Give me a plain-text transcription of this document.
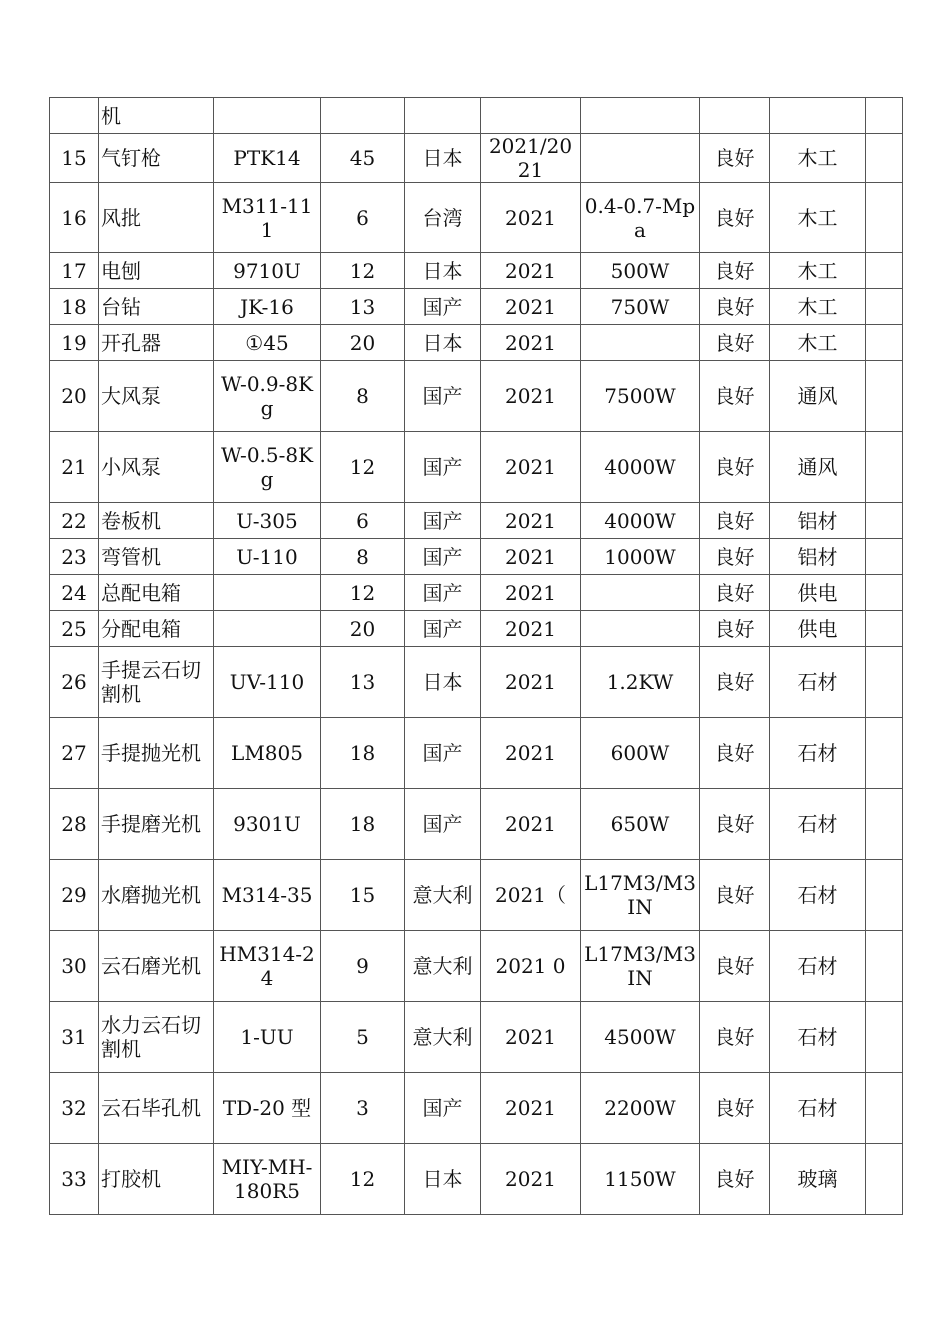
	机								
15	气钉枪	PTK14	45	日本	2021/2021		良好	木工	
16	风批	M311-111	6	台湾	2021	0.4-0.7-Mpa	良好	木工	
17	电刨	9710U	12	日本	2021	500W	良好	木工	
18	台钻	JK-16	13	国产	2021	750W	良好	木工	
19	开孔器	①45	20	日本	2021		良好	木工	
20	大风泵	W-0.9-8Kg	8	国产	2021	7500W	良好	通风	
21	小风泵	W-0.5-8Kg	12	国产	2021	4000W	良好	通风	
22	卷板机	U-305	6	国产	2021	4000W	良好	铝材	
23	弯管机	U-110	8	国产	2021	1000W	良好	铝材	
24	总配电箱		12	国产	2021		良好	供电	
25	分配电箱		20	国产	2021		良好	供电	
26	手提云石切割机	UV-110	13	日本	2021	1.2KW	良好	石材	
27	手提抛光机	LM805	18	国产	2021	600W	良好	石材	
28	手提磨光机	9301U	18	国产	2021	650W	良好	石材	
29	水磨抛光机	M314-35	15	意大利	2021（	L17M3/M3IN	良好	石材	
30	云石磨光机	HM314-24	9	意大利	2021 0	L17M3/M3IN	良好	石材	
31	水力云石切割机	1-UU	5	意大利	2021	4500W	良好	石材	
32	云石毕孔机	TD-20 型	3	国产	2021	2200W	良好	石材	
33	打胶机	MIY-MH-180R5	12	日本	2021	1150W	良好	玻璃	
